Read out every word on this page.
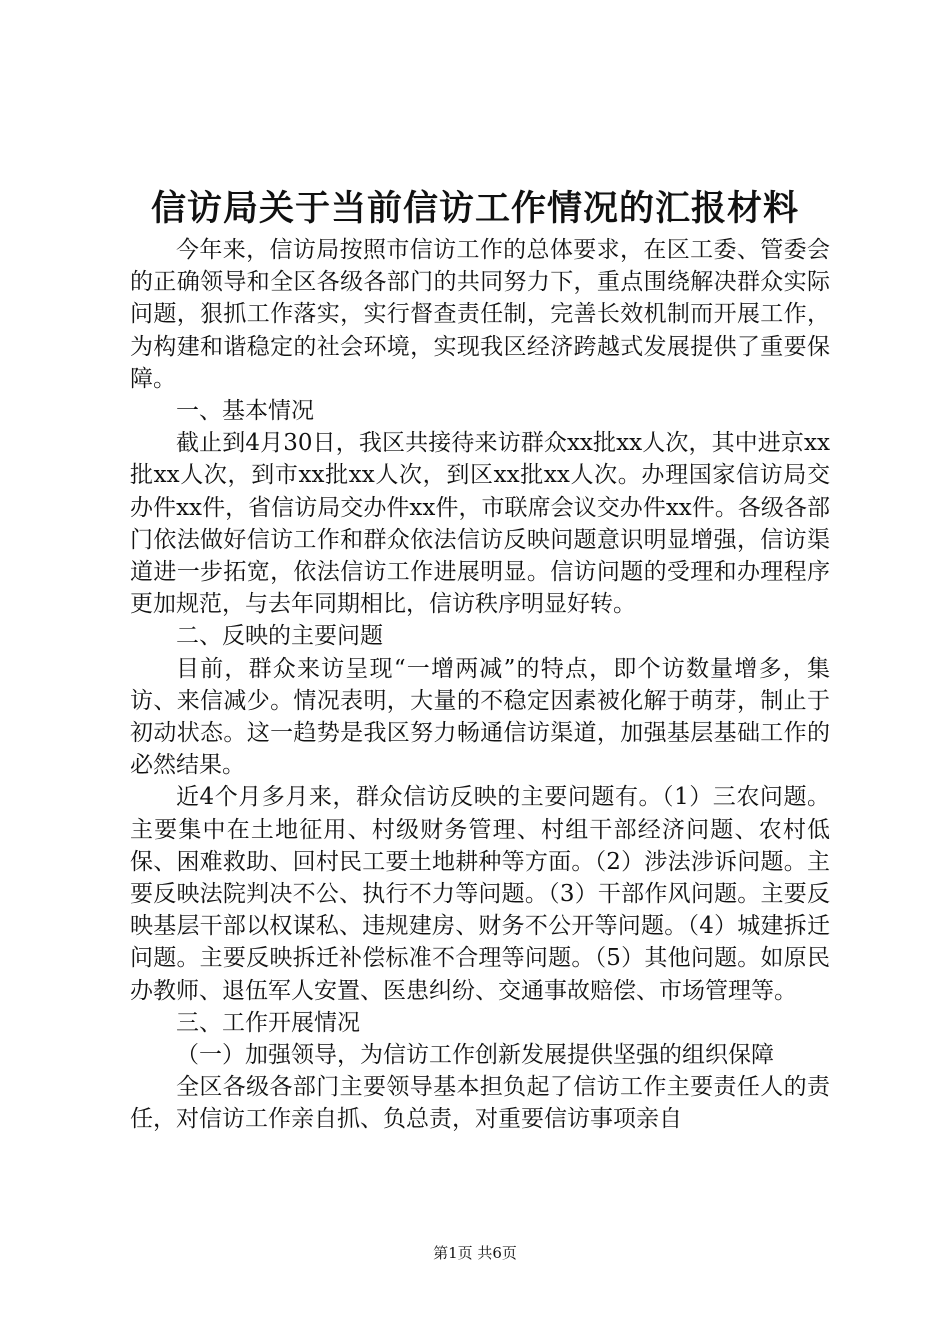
信访局关于当前信访工作情况的汇报材料

今年来，信访局按照市信访工作的总体要求，在区工委、管委会的正确领导和全区各级各部门的共同努力下，重点围绕解决群众实际问题，狠抓工作落实，实行督查责任制，完善长效机制而开展工作，为构建和谐稳定的社会环境，实现我区经济跨越式发展提供了重要保障。

一、基本情况

截止到4月30日，我区共接待来访群众xx批xx人次，其中进京xx批xx人次，到市xx批xx人次，到区xx批xx人次。办理国家信访局交办件xx件，省信访局交办件xx件，市联席会议交办件xx件。各级各部门依法做好信访工作和群众依法信访反映问题意识明显增强，信访渠道进一步拓宽，依法信访工作进展明显。信访问题的受理和办理程序更加规范，与去年同期相比，信访秩序明显好转。

二、反映的主要问题

目前，群众来访呈现“一增两减”的特点，即个访数量增多，集访、来信减少。情况表明，大量的不稳定因素被化解于萌芽，制止于初动状态。这一趋势是我区努力畅通信访渠道，加强基层基础工作的必然结果。

近4个月多月来，群众信访反映的主要问题有。（1）三农问题。主要集中在土地征用、村级财务管理、村组干部经济问题、农村低保、困难救助、回村民工要土地耕种等方面。（2）涉法涉诉问题。主要反映法院判决不公、执行不力等问题。（3）干部作风问题。主要反映基层干部以权谋私、违规建房、财务不公开等问题。（4）城建拆迁问题。主要反映拆迁补偿标准不合理等问题。（5）其他问题。如原民办教师、退伍军人安置、医患纠纷、交通事故赔偿、市场管理等。

三、工作开展情况

（一）加强领导，为信访工作创新发展提供坚强的组织保障

全区各级各部门主要领导基本担负起了信访工作主要责任人的责任，对信访工作亲自抓、负总责，对重要信访事项亲自

第1页 共6页
